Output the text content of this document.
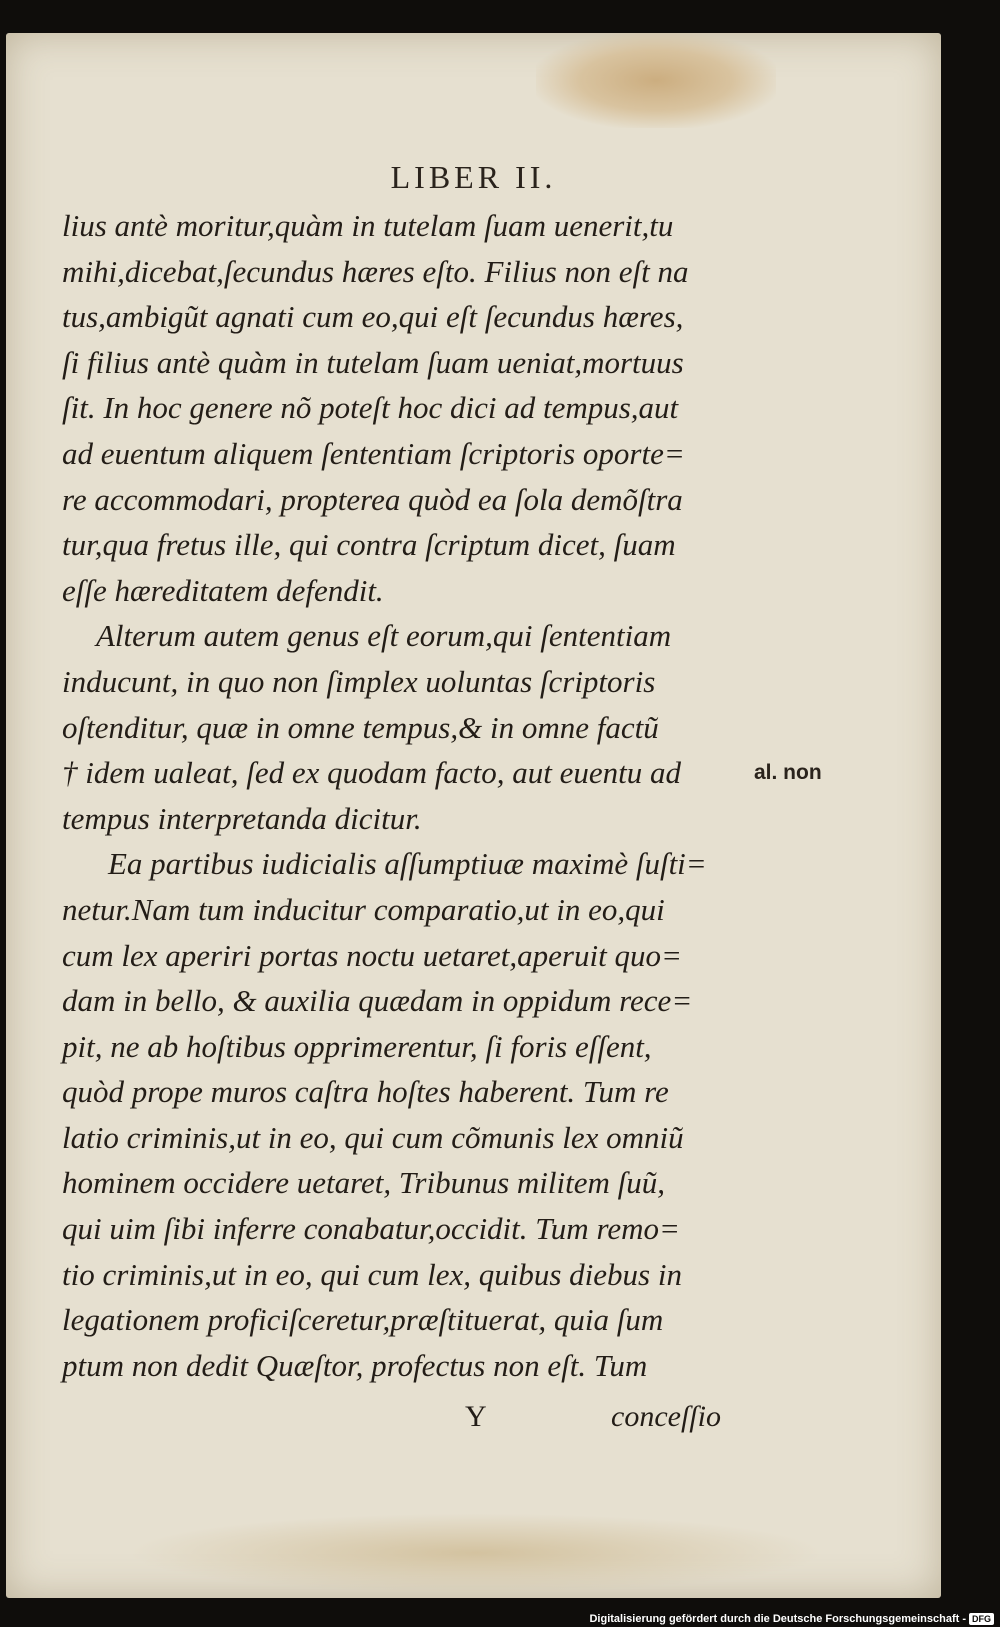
LIBER II.
lius antè moritur,quàm in tutelam ſuam uenerit,tu
mihi,dicebat,ſecundus hæres eſto. Filius non eſt na
tus,ambigũt agnati cum eo,qui eſt ſecundus hæres,
ſi filius antè quàm in tutelam ſuam ueniat,mortuus
ſit. In hoc genere nõ poteſt hoc dici ad tempus,aut
ad euentum aliquem ſententiam ſcriptoris oporte=
re accommodari, propterea quòd ea ſola demõſtra
tur,qua fretus ille, qui contra ſcriptum dicet, ſuam
eſſe hæreditatem defendit.
Alterum autem genus eſt eorum,qui ſententiam
inducunt, in quo non ſimplex uoluntas ſcriptoris
oſtenditur, quæ in omne tempus,& in omne factũ
† idem ualeat, ſed ex quodam facto, aut euentu ad
tempus interpretanda dicitur.
Ea partibus iudicialis aſſumptiuæ maximè ſuſti=
netur.Nam tum inducitur comparatio,ut in eo,qui
cum lex aperiri portas noctu uetaret,aperuit quo=
dam in bello, & auxilia quædam in oppidum rece=
pit, ne ab hoſtibus opprimerentur, ſi foris eſſent,
quòd prope muros caſtra hoſtes haberent. Tum re
latio criminis,ut in eo, qui cum cõmunis lex omniũ
hominem occidere uetaret, Tribunus militem ſuũ,
qui uim ſibi inferre conabatur,occidit. Tum remo=
tio criminis,ut in eo, qui cum lex, quibus diebus in
legationem proficiſceretur,præſtituerat, quia ſum
ptum non dedit Quæſtor, profectus non eſt. Tum
al. non
Y	conceſſio
Digitalisierung gefördert durch die Deutsche Forschungsgemeinschaft - DFG
